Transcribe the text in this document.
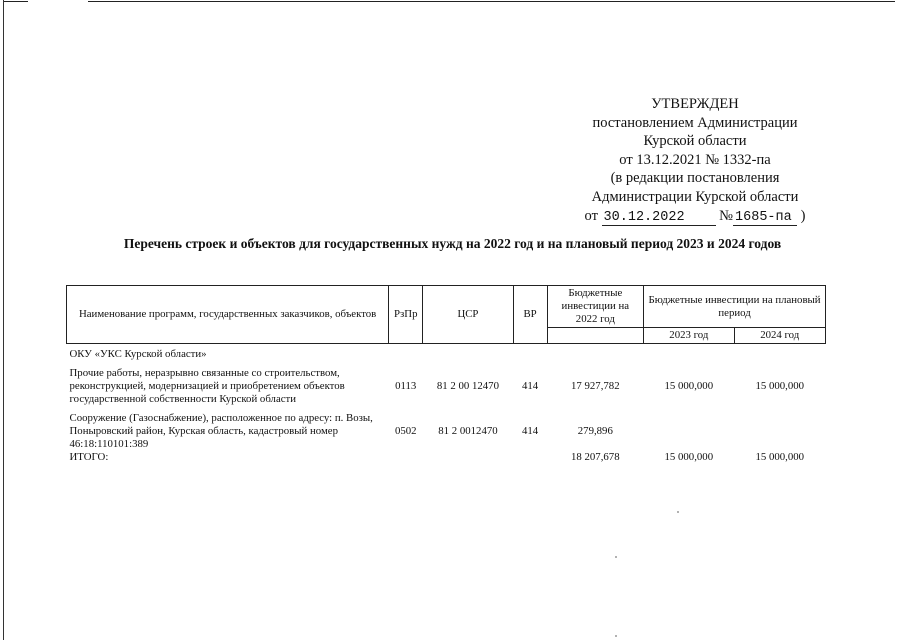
УТВЕРЖДЕН
постановлением Администрации
Курской области
от 13.12.2021 № 1332-па
(в редакции постановления
Администрации Курской области
от 30.12.2022 № 1685-па )
Перечень строек и объектов для государственных нужд на 2022 год и на плановый период 2023 и 2024 годов
Наименование программ, государственных заказчиков, объектов	РзПр	ЦСР	ВР	Бюджетные инвестиции на 2022 год	Бюджетные инвестиции на плановый период	
					2023 год	2024 год
ОКУ «УКС Курской области»						

Прочие работы, неразрывно связанные со строительством, реконструкцией, модернизацией и приобретением объектов государственной собственности Курской области	0113	81 2 00 12470	414	17 927,782	15 000,000	15 000,000

Сооружение (Газоснабжение), расположенное по адресу: п. Возы, Поныровский район, Курская область, кадастровый номер 46:18:110101:389	0502	81 2 0012470	414	279,896		
ИТОГО:				18 207,678	15 000,000	15 000,000
